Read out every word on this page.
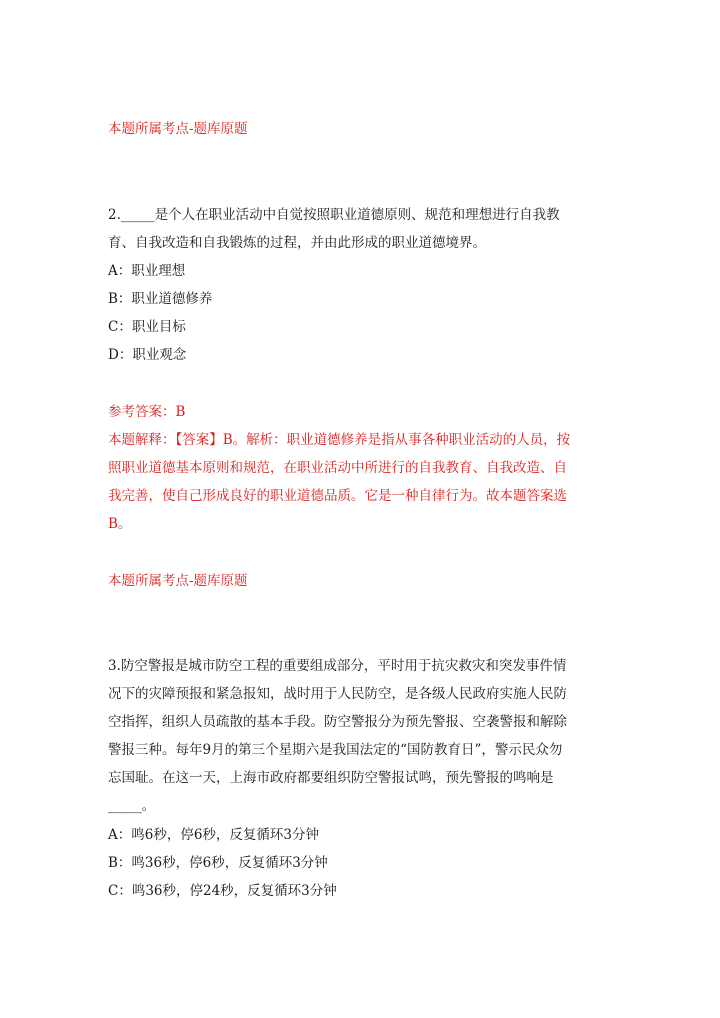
本题所属考点-题库原题
2._____是个人在职业活动中自觉按照职业道德原则、规范和理想进行自我教
育、自我改造和自我锻炼的过程，并由此形成的职业道德境界。
A：职业理想
B：职业道德修养
C：职业目标
D：职业观念
参考答案：B
本题解释：【答案】B。解析：职业道德修养是指从事各种职业活动的人员，按
照职业道德基本原则和规范，在职业活动中所进行的自我教育、自我改造、自
我完善，使自己形成良好的职业道德品质。它是一种自律行为。故本题答案选
B。
本题所属考点-题库原题
3.防空警报是城市防空工程的重要组成部分，平时用于抗灾救灾和突发事件情
况下的灾障预报和紧急报知，战时用于人民防空，是各级人民政府实施人民防
空指挥，组织人员疏散的基本手段。防空警报分为预先警报、空袭警报和解除
警报三种。每年9月的第三个星期六是我国法定的“国防教育日”，警示民众勿
忘国耻。在这一天，上海市政府都要组织防空警报试鸣，预先警报的鸣响是
_____。
A：鸣6秒，停6秒，反复循环3分钟
B：鸣36秒，停6秒，反复循环3分钟
C：鸣36秒，停24秒，反复循环3分钟
